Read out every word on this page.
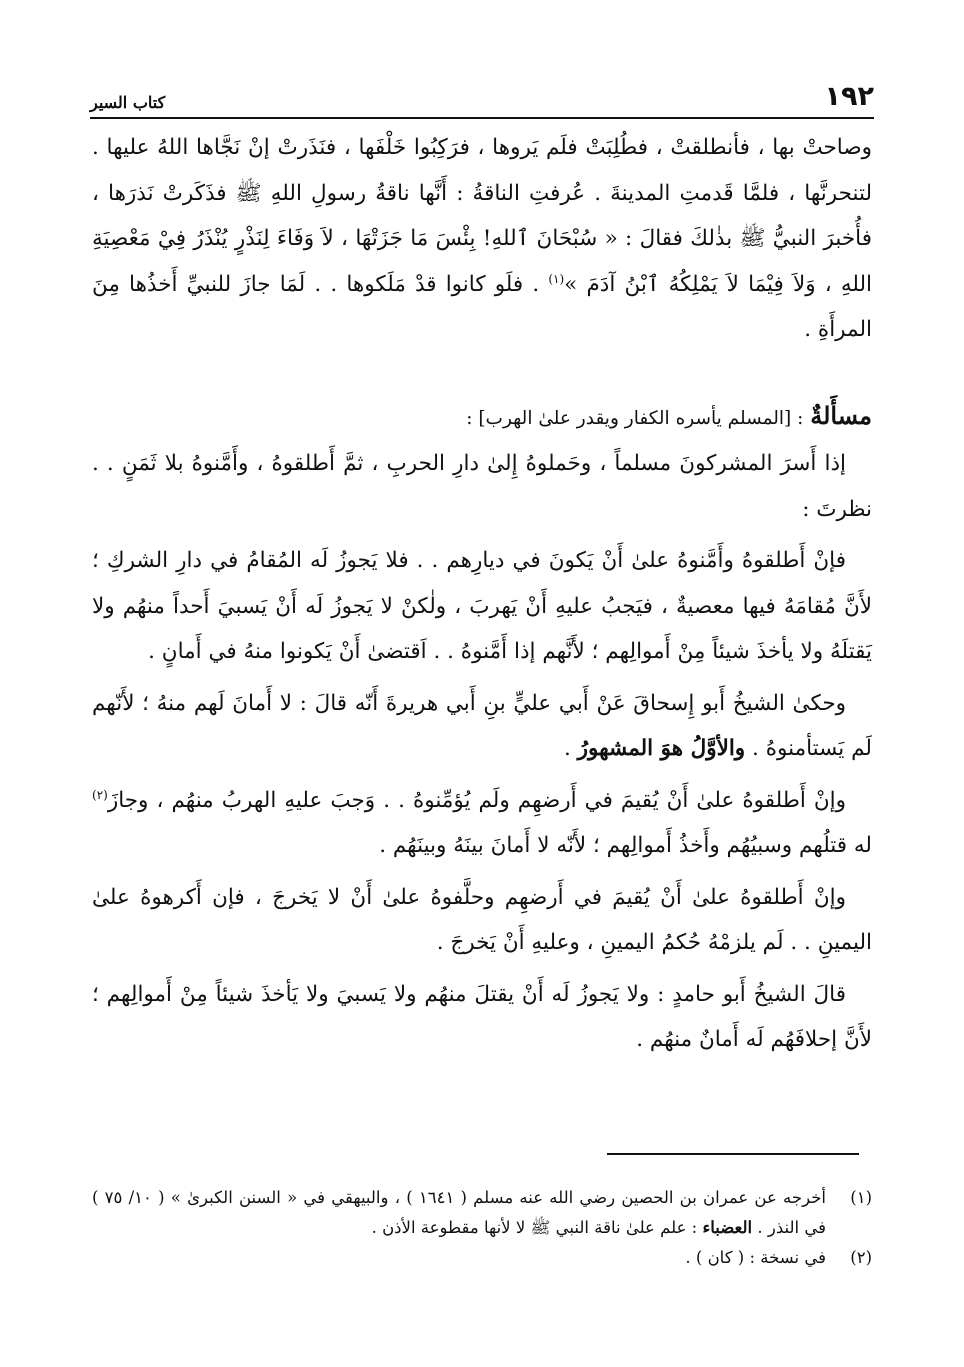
١٩٢
كتاب السير

وصاحتْ بها ، فأنطلقتْ ، فطُلِبَتْ فلَم يَروها ، فرَكِبُوا خَلْفَها ، فنَذَرتْ إنْ نَجَّاها اللهُ عليها . لتنحرنَّها ، فلمَّا قَدمتِ المدينةَ . عُرفتِ الناقةُ : أَنَّها ناقةُ رسولِ اللهِ ﷺ فذَكَرتْ نَذرَها ، فأُخبرَ النبيُّ ﷺ بذٰلكَ فقالَ : « سُبْحَانَ ٱللهِ! بِئْسَ مَا جَزَتْهَا ، لاَ وَفَاءَ لِنَذْرٍ يُنْذَرُ فِيْ مَعْصِيَةِ اللهِ ، وَلاَ فِيْمَا لاَ يَمْلِكُهُ ٱبْنُ آدَمَ »$^{(١)}$ . فلَو كانوا قدْ مَلَكوها . . لَمَا جازَ للنبيِّ أَخذُها مِنَ المرأَةِ .

مسأَلةٌ : [المسلم يأسره الكفار ويقدر علىٰ الهرب] :

إذا أَسرَ المشركونَ مسلماً ، وحَملوهُ إِلىٰ دارِ الحربِ ، ثمَّ أَطلقوهُ ، وأَمَّنوهُ بلا ثَمَنٍ . . نظرتَ :

فإنْ أَطلقوهُ وأَمَّنوهُ علىٰ أَنْ يَكونَ في ديارِهم . . فلا يَجوزُ لَه المُقامُ في دارِ الشركِ ؛ لأَنَّ مُقامَهُ فيها معصيةٌ ، فيَجبُ عليهِ أَنْ يَهربَ ، ولٰكنْ لا يَجوزُ لَه أَنْ يَسبيَ أَحداً منهُم ولا يَقتلَهُ ولا يأخذَ شيئاً مِنْ أَموالِهم ؛ لأَنَّهم إذا أَمَّنوهُ . . اَقتضىٰ أَنْ يَكونوا منهُ في أَمانٍ .

وحكىٰ الشيخُ أَبو إِسحاقَ عَنْ أَبي عليٍّ بنِ أَبي هريرةَ أَنّه قالَ : لا أَمانَ لَهم منهُ ؛ لأَنّهم لَم يَستأمنوهُ . والأوَّلُ هوَ المشهورُ .

وإنْ أَطلقوهُ علىٰ أَنْ يُقيمَ في أَرضهِم ولَم يُؤمِّنوهُ . . وَجبَ عليهِ الهربُ منهُم ، وجازَ$^{(٢)}$ له قتلُهم وسبيُهُم وأَخذُ أَموالِهم ؛ لأَنّه لا أَمانَ بينَهُ وبينَهُم .

وإنْ أَطلقوهُ علىٰ أَنْ يُقيمَ في أَرضهِم وحلَّفوهُ علىٰ أَنْ لا يَخرجَ ، فإن أَكرهوهُ علىٰ اليمينِ . . لَم يلزمْهُ حُكمُ اليمينِ ، وعليهِ أَنْ يَخرجَ .

قالَ الشيخُ أَبو حامدٍ : ولا يَجوزُ لَه أَنْ يقتلَ منهُم ولا يَسبيَ ولا يَأخذَ شيئاً مِنْ أَموالِهم ؛ لأَنَّ إحلافَهُم لَه أَمانٌ منهُم .

(١)
أخرجه عن عمران بن الحصين رضي الله عنه مسلم ( ١٦٤١ ) ، والبيهقي في « السنن الكبرىٰ » ( ١٠/ ٧٥ ) في النذر . العضباء : علم علىٰ ناقة النبي ﷺ لا لأنها مقطوعة الأذن .
(٢)
في نسخة : ( كان ) .
